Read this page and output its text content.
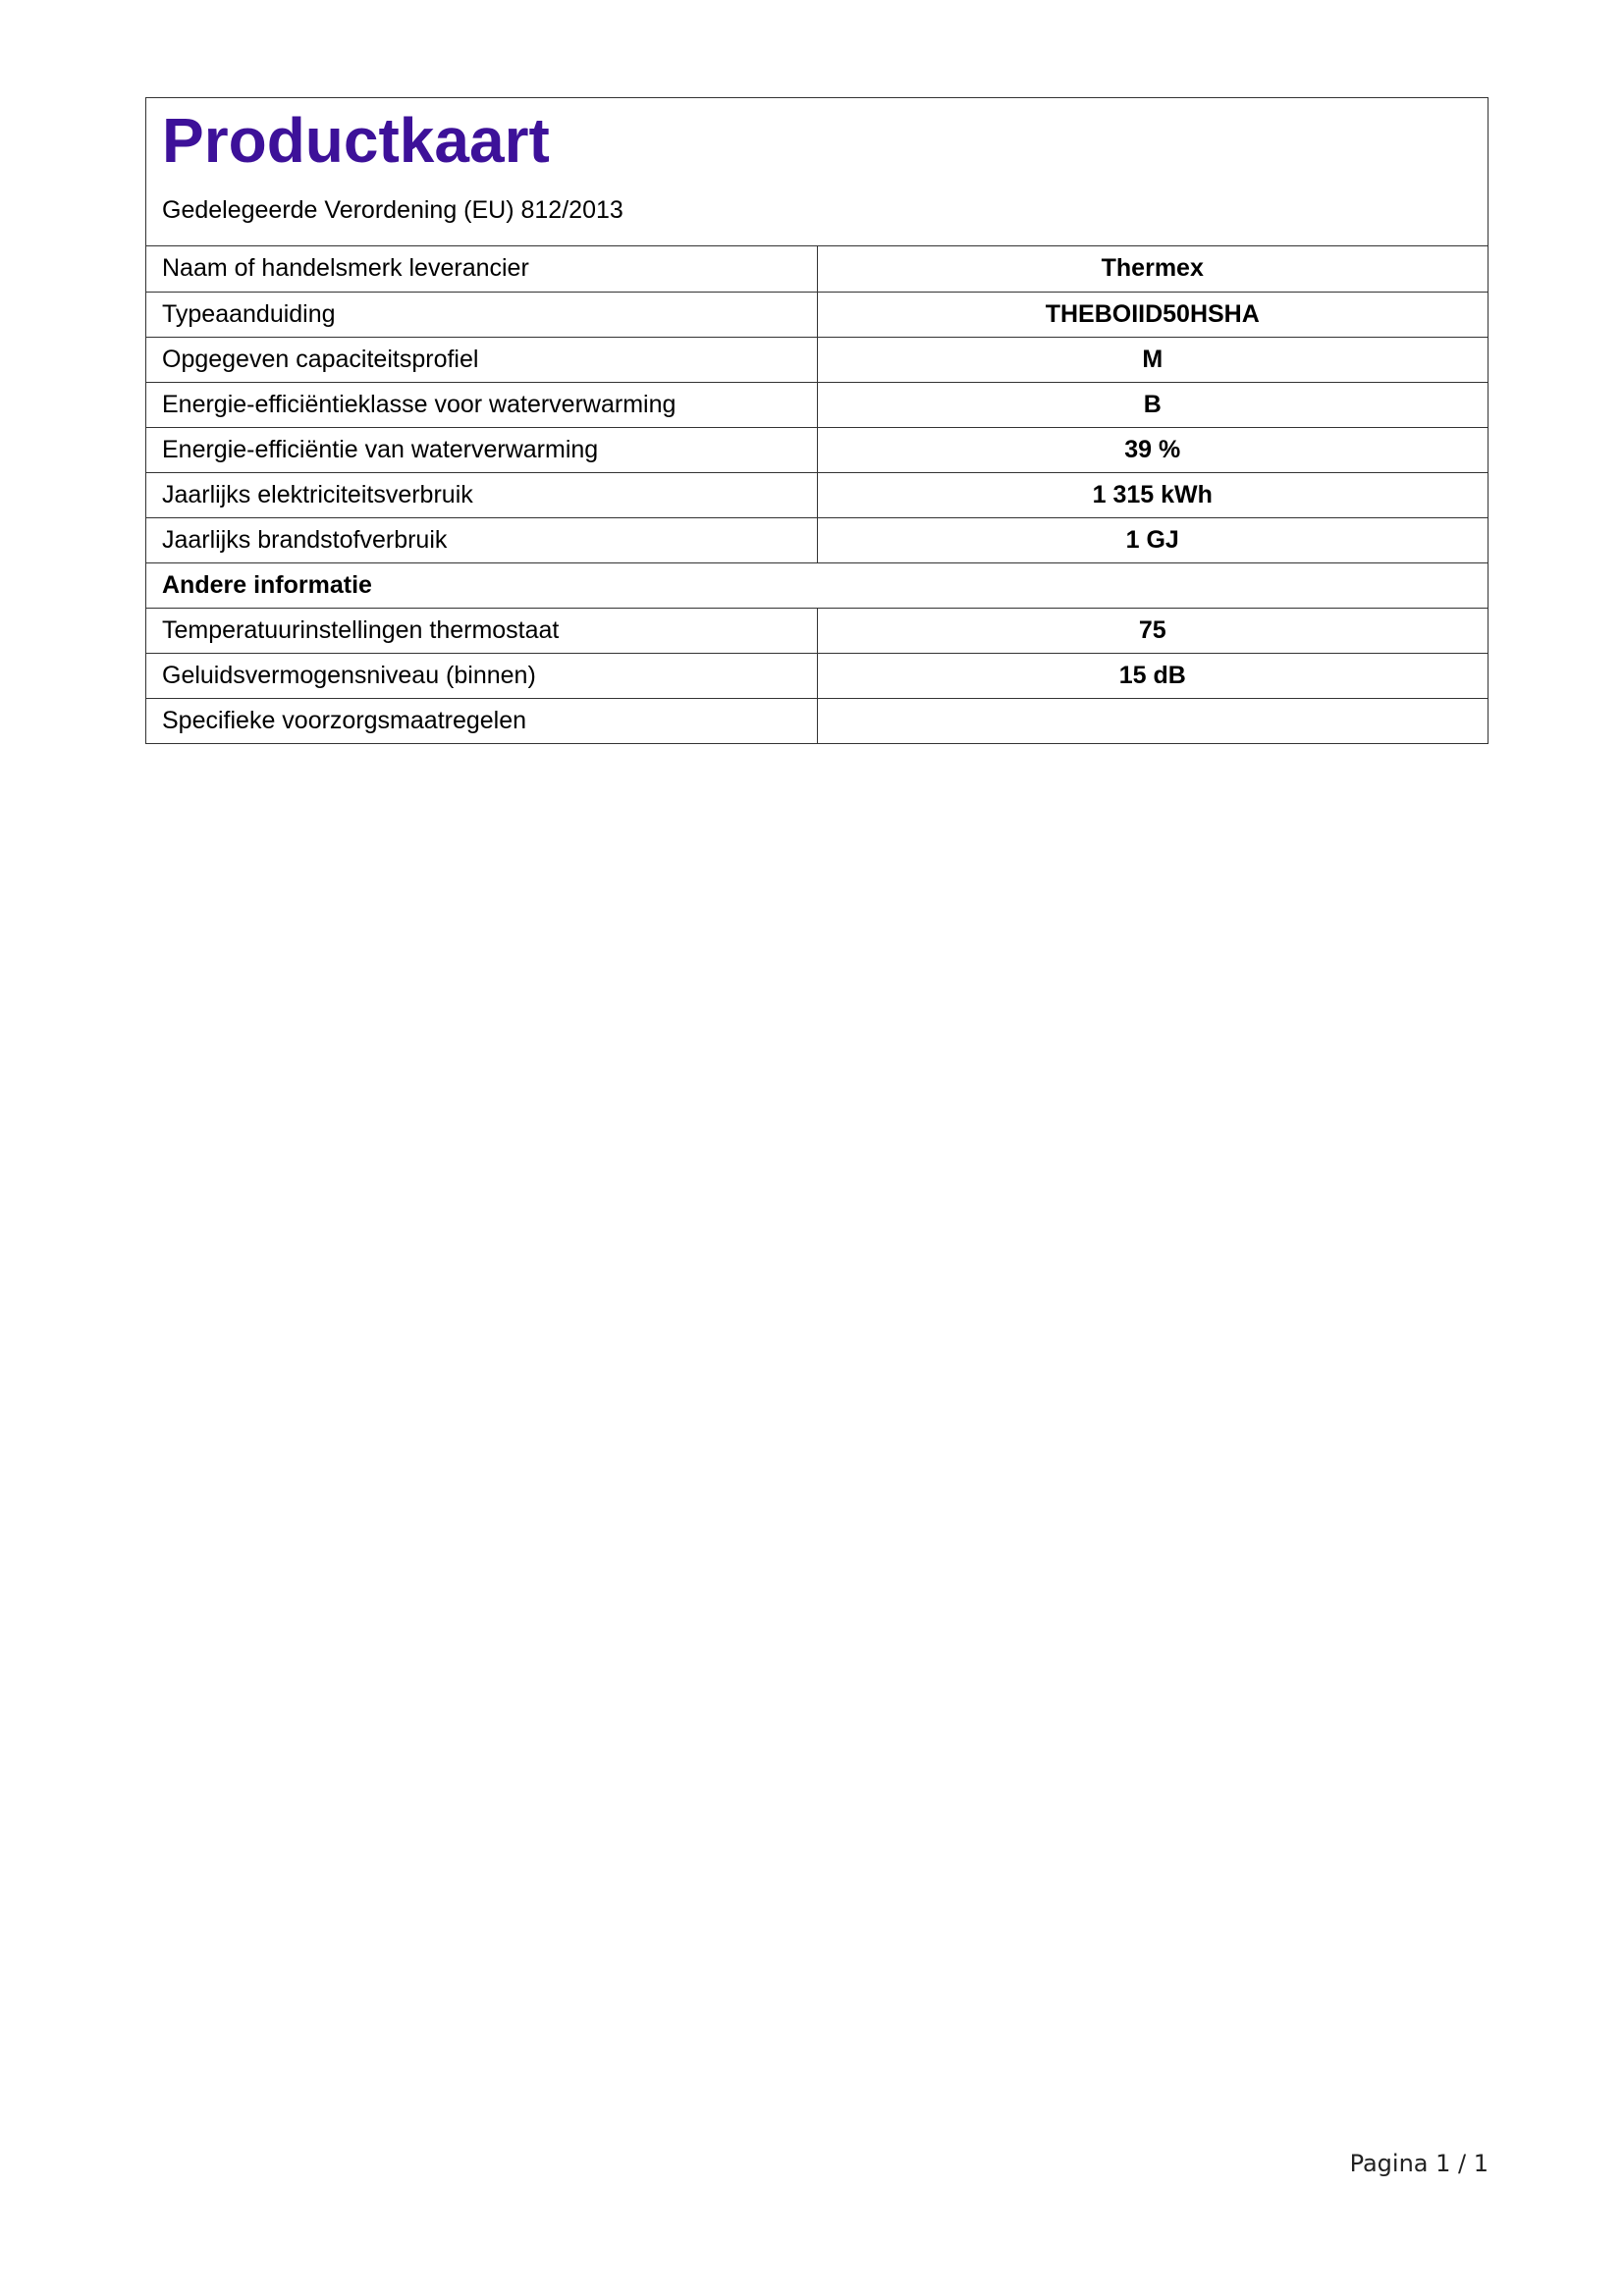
Productkaart
Gedelegeerde Verordening (EU) 812/2013
Naam of handelsmerk leverancier	Thermex
Typeaanduiding	THEBOIID50HSHA
Opgegeven capaciteitsprofiel	M
Energie-efficiëntieklasse voor waterverwarming	B
Energie-efficiëntie van waterverwarming	39 %
Jaarlijks elektriciteitsverbruik	1 315 kWh
Jaarlijks brandstofverbruik	1 GJ
Andere informatie	
Temperatuurinstellingen thermostaat	75
Geluidsvermogensniveau (binnen)	15 dB
Specifieke voorzorgsmaatregelen	
Pagina 1 / 1
